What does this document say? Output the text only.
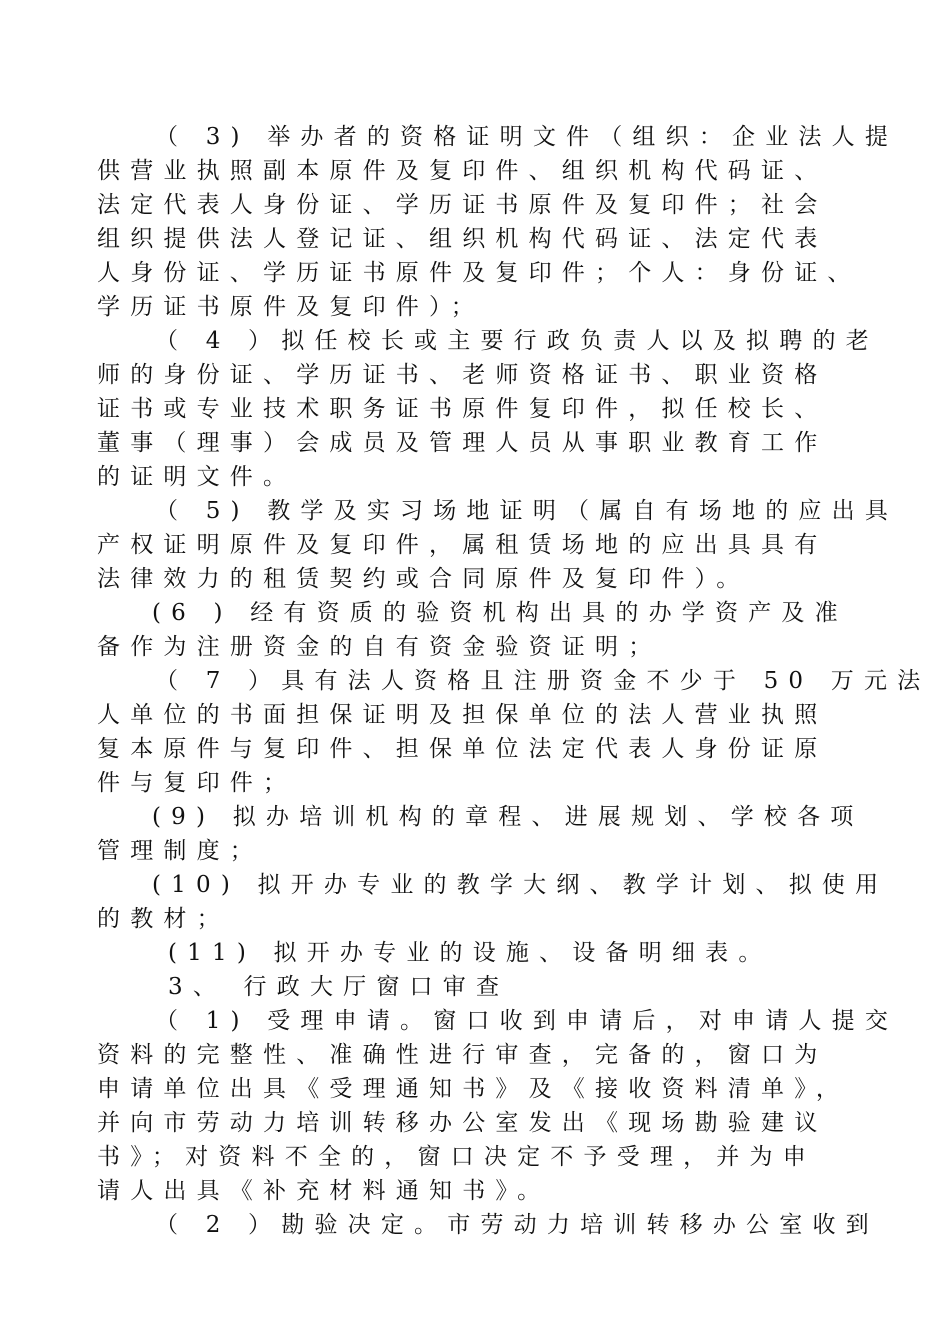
（ 3) 举办者的资格证明文件（组织：企业法人提
供营业执照副本原件及复印件、组织机构代码证、
法定代表人身份证、学历证书原件及复印件；社会
组织提供法人登记证、组织机构代码证、法定代表
人身份证、学历证书原件及复印件；个人：身份证、
学历证书原件及复印件）；
（ 4 ）拟任校长或主要行政负责人以及拟聘的老
师的身份证、学历证书、老师资格证书、职业资格
证书或专业技术职务证书原件复印件，拟任校长、
董事（理事）会成员及管理人员从事职业教育工作
的证明文件。
（ 5) 教学及实习场地证明（属自有场地的应出具
产权证明原件及复印件，属租赁场地的应出具具有
法律效力的租赁契约或合同原件及复印件）。
(6 ) 经有资质的验资机构出具的办学资产及准
备作为注册资金的自有资金验资证明；
（ 7 ）具有法人资格且注册资金不少于 50 万元法
人单位的书面担保证明及担保单位的法人营业执照
复本原件与复印件、担保单位法定代表人身份证原
件与复印件；
(9) 拟办培训机构的章程、进展规划、学校各项
管理制度；
(10) 拟开办专业的教学大纲、教学计划、拟使用
的教材；
(11) 拟开办专业的设施、设备明细表。
3、 行政大厅窗口审查
（ 1) 受理申请。窗口收到申请后，对申请人提交
资料的完整性、准确性进行审查，完备的，窗口为
申请单位出具《受理通知书》及《接收资料清单》，
并向市劳动力培训转移办公室发出《现场勘验建议
书》；对资料不全的，窗口决定不予受理，并为申
请人出具《补充材料通知书》。
（ 2 ）勘验决定。市劳动力培训转移办公室收到
